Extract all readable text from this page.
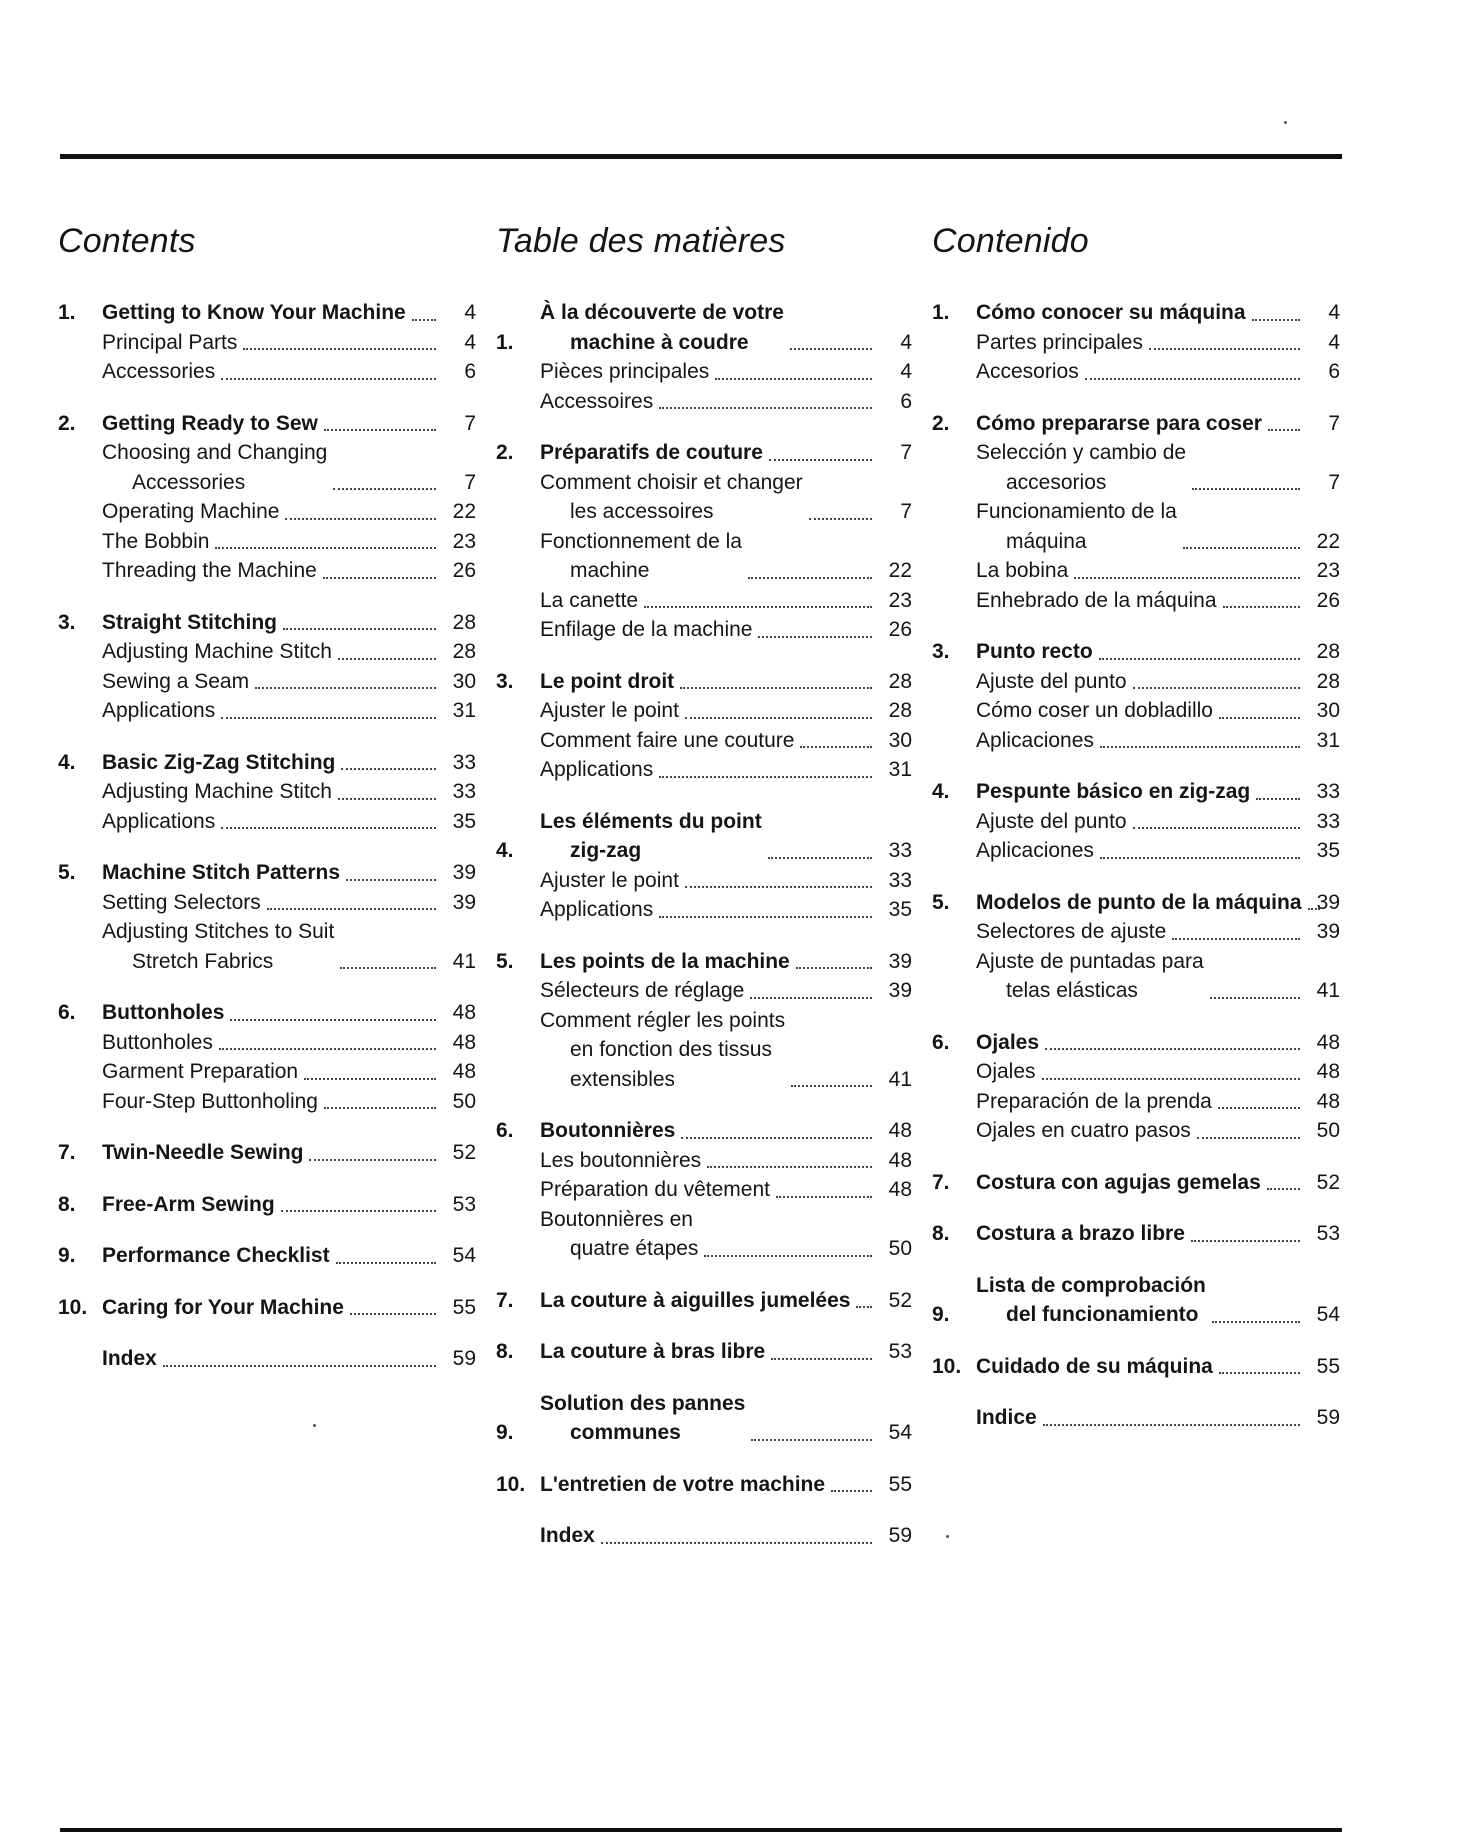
Contents
1.	Getting to Know Your Machine	4
Principal Parts	4
Accessories	6
2.	Getting Ready to Sew	7
Choosing and Changing
Accessories	7
Operating Machine	22
The Bobbin	23
Threading the Machine	26
3.	Straight Stitching	28
Adjusting Machine Stitch	28
Sewing a Seam	30
Applications	31
4.	Basic Zig-Zag Stitching	33
Adjusting Machine Stitch	33
Applications	35
5.	Machine Stitch Patterns	39
Setting Selectors	39
Adjusting Stitches to Suit
Stretch Fabrics	41
6.	Buttonholes	48
Buttonholes	48
Garment Preparation	48
Four-Step Buttonholing	50
7.	Twin-Needle Sewing	52
8.	Free-Arm Sewing	53
9.	Performance Checklist	54
10. Caring for Your Machine	55
Index	59
Table des matières
1.
À la découverte de votre
machine à coudre	4
Pièces principales	4
Accessoires	6
2.	Préparatifs de couture	7
Comment choisir et changer
les accessoires	7
Fonctionnement de la
machine	22
La canette	23
Enfilage de la machine	26
3.	Le point droit	28
Ajuster le point	28
Comment faire une couture	30
Applications	31
4.
Les éléments du point
zig-zag	33
Ajuster le point	33
Applications	35
5.	Les points de la machine	39
Sélecteurs de réglage	39
Comment régler les points
en fonction des tissus
extensibles	41
6.	Boutonnières	48
Les boutonnières	48
Préparation du vêtement	48
Boutonnières en
quatre étapes	50
7.	La couture à aiguilles jumelées	52
8.	La couture à bras libre	53
9.
Solution des pannes
communes	54
10. L'entretien de votre machine	55
Index	59
Contenido
1.	Cómo conocer su máquina	4
Partes principales	4
Accesorios	6
2.	Cómo prepararse para coser	7
Selección y cambio de
accesorios	7
Funcionamiento de la
máquina	22
La bobina	23
Enhebrado de la máquina	26
3.	Punto recto	28
Ajuste del punto	28
Cómo coser un dobladillo	30
Aplicaciones	31
4.	Pespunte básico en zig-zag	33
Ajuste del punto	33
Aplicaciones	35
5.	Modelos de punto de la máquina 39
Selectores de ajuste	39
Ajuste de puntadas para
telas elásticas	41
6.	Ojales	48
Ojales	48
Preparación de la prenda	48
Ojales en cuatro pasos	50
7.	Costura con agujas gemelas	52
8.	Costura a brazo libre	53
9.
Lista de comprobación
del funcionamiento	54
10. Cuidado de su máquina	55
Indice	59
